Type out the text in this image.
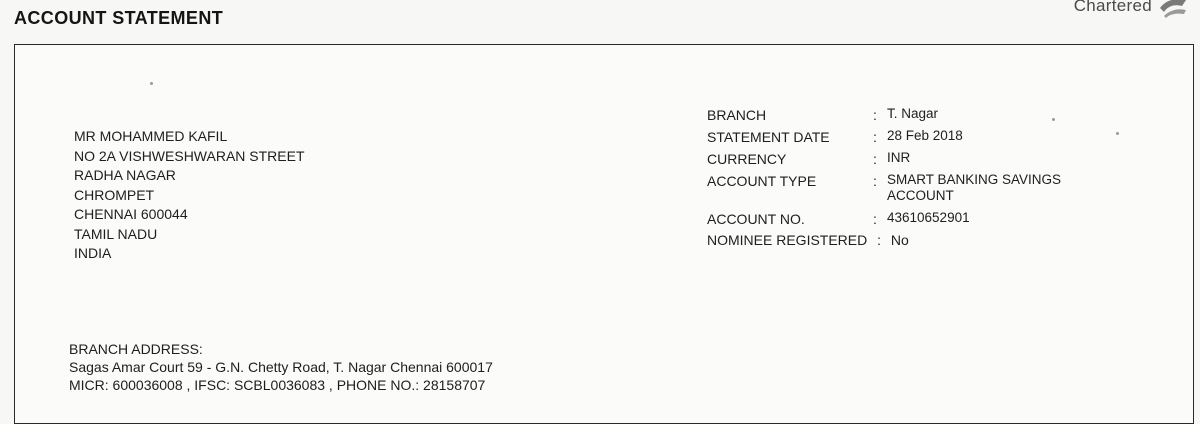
ACCOUNT STATEMENT
Chartered
MR MOHAMMED KAFIL
NO 2A VISHWESHWARAN STREET
RADHA NAGAR
CHROMPET
CHENNAI 600044
TAMIL NADU
INDIA
BRANCH	: T. Nagar
STATEMENT DATE	: 28 Feb 2018
CURRENCY	: INR
ACCOUNT TYPE	: SMART BANKING SAVINGS ACCOUNT
ACCOUNT NO.	: 43610652901
NOMINEE REGISTERED : No
BRANCH ADDRESS:
Sagas Amar Court 59 - G.N. Chetty Road, T. Nagar Chennai 600017
MICR: 600036008 , IFSC: SCBL0036083 , PHONE NO.: 28158707
